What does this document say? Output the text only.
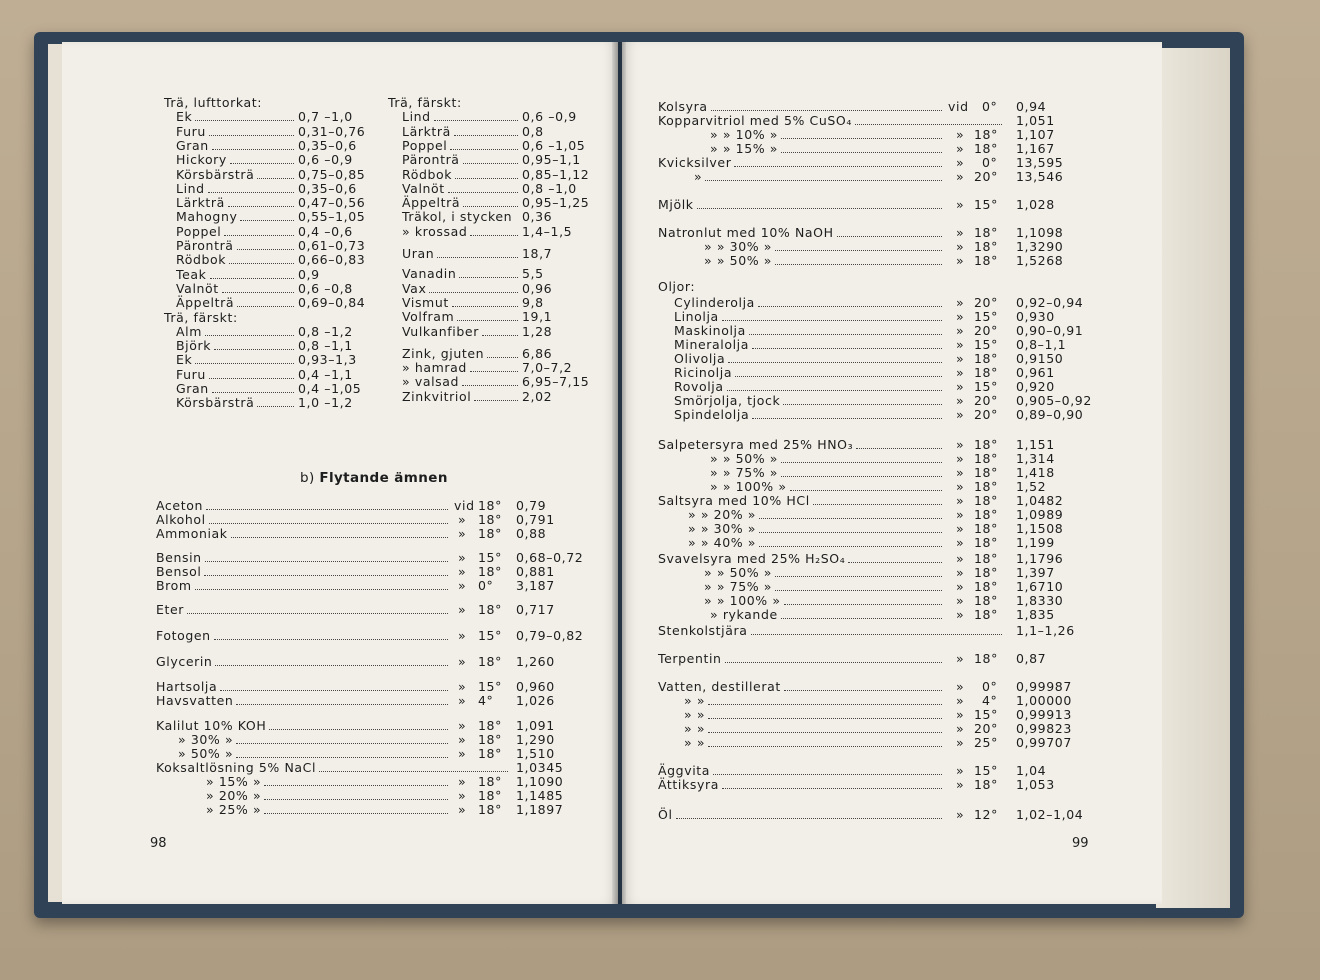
Trä, lufttorkat:
Ek	0,7 –1,0
Furu	0,31–0,76
Gran	0,35–0,6
Hickory	0,6 –0,9
Körsbärsträ	0,75–0,85
Lind	0,35–0,6
Lärkträ	0,47–0,56
Mahogny	0,55–1,05
Poppel	0,4 –0,6
Päronträ	0,61–0,73
Rödbok	0,66–0,83
Teak	0,9
Valnöt	0,6 –0,8
Äppelträ	0,69–0,84
Trä, färskt:
Alm	0,8 –1,2
Björk	0,8 –1,1
Ek	0,93–1,3
Furu	0,4 –1,1
Gran	0,4 –1,05
Körsbärsträ	1,0 –1,2
Trä, färskt:
Lind	0,6 –0,9
Lärkträ	0,8
Poppel	0,6 –1,05
Päronträ	0,95–1,1
Rödbok	0,85–1,12
Valnöt	0,8 –1,0
Äppelträ	0,95–1,25
Träkol, i stycken 0,36
» krossad	1,4–1,5
Uran	18,7
Vanadin	5,5
Vax	0,96
Vismut	9,8
Volfram	19,1
Vulkanfiber	1,28
Zink, gjuten	6,86
» hamrad	7,0–7,2
» valsad	6,95–7,15
Zinkvitriol	2,02
b) Flytande ämnen
Aceton	vid 18° 0,79
Alkohol	» 18° 0,791
Ammoniak	» 18° 0,88
Bensin	» 15° 0,68–0,72
Bensol	» 18° 0,881
Brom	» 0° 3,187
Eter	» 18° 0,717
Fotogen	» 15° 0,79–0,82
Glycerin	» 18° 1,260
Hartsolja	» 15° 0,960
Havsvatten	» 4° 1,026
Kalilut 10% KOH	» 18° 1,091
» 30% »	» 18° 1,290
» 50% »	» 18° 1,510
Koksaltlösning 5% NaCl	1,0345
» 15% »	» 18° 1,1090
» 20% »	» 18° 1,1485
» 25% »	» 18° 1,1897
98
Kolsyra	vid 0° 0,94
Kopparvitriol med 5% CuSO₄	1,051
» » 10% »	» 18° 1,107
» » 15% »	» 18° 1,167
Kvicksilver	» 0° 13,595
»	» 20° 13,546
Mjölk	» 15° 1,028
Natronlut med 10% NaOH	» 18° 1,1098
» » 30% »	» 18° 1,3290
» » 50% »	» 18° 1,5268
Oljor:
Cylinderolja	» 20° 0,92–0,94
Linolja	» 15° 0,930
Maskinolja	» 20° 0,90–0,91
Mineralolja	» 15° 0,8–1,1
Olivolja	» 18° 0,9150
Ricinolja	» 18° 0,961
Rovolja	» 15° 0,920
Smörjolja, tjock	» 20° 0,905–0,92
Spindelolja	» 20° 0,89–0,90
Salpetersyra med 25% HNO₃	» 18° 1,151
» » 50% »	» 18° 1,314
» » 75% »	» 18° 1,418
» » 100% »	» 18° 1,52
Saltsyra med 10% HCl	» 18° 1,0482
» » 20% »	» 18° 1,0989
» » 30% »	» 18° 1,1508
» » 40% »	» 18° 1,199
Svavelsyra med 25% H₂SO₄	» 18° 1,1796
» » 50% »	» 18° 1,397
» » 75% »	» 18° 1,6710
» » 100% »	» 18° 1,8330
» rykande	» 18° 1,835
Stenkolstjära	1,1–1,26
Terpentin	» 18° 0,87
Vatten, destillerat	» 0° 0,99987
» »	» 4° 1,00000
» »	» 15° 0,99913
» »	» 20° 0,99823
» »	» 25° 0,99707
Äggvita	» 15° 1,04
Ättiksyra	» 18° 1,053
Öl	» 12° 1,02–1,04
99
